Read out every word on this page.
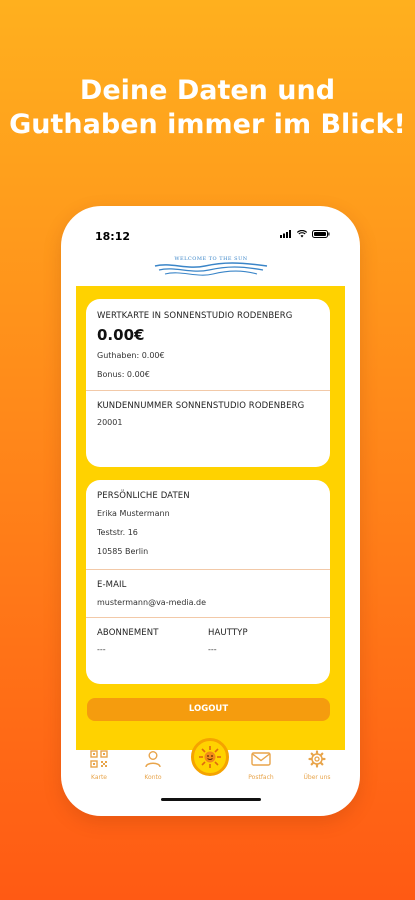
Deine Daten und
Guthaben immer im Blick!
18:12
WELCOME TO THE SUN
WERTKARTE IN SONNENSTUDIO RODENBERG
0.00€
Guthaben: 0.00€
Bonus: 0.00€
KUNDENNUMMER SONNENSTUDIO RODENBERG
20001
PERSÖNLICHE DATEN
Erika Mustermann
Teststr. 16
10585 Berlin
E-MAIL
mustermann@va-media.de
ABONNEMENT
---
HAUTTYP
---
LOGOUT
Karte	Konto	Postfach	Über uns
